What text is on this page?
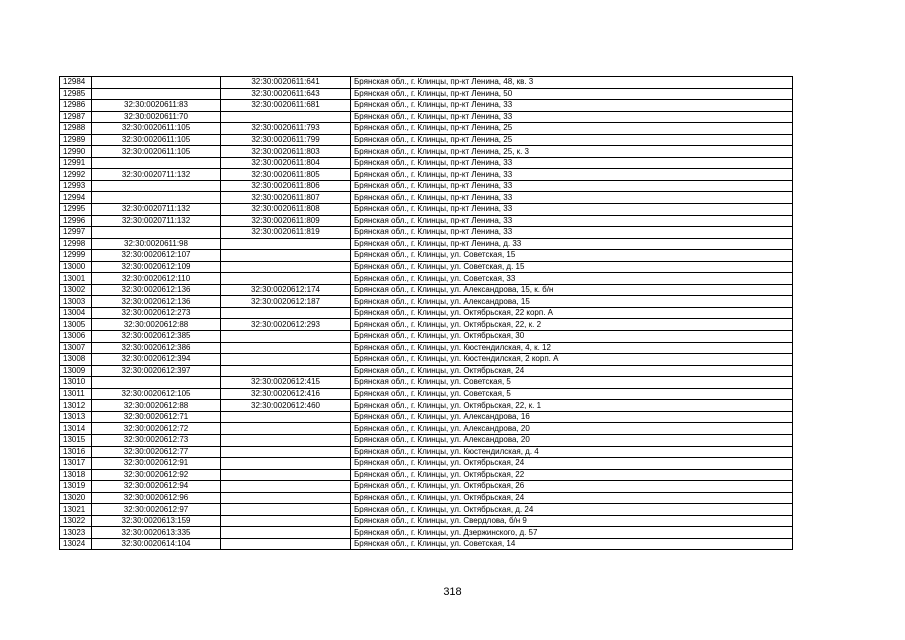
12984		32:30:0020611:641	Брянская обл., г. Клинцы, пр-кт Ленина, 48, кв. 3
12985		32:30:0020611:643	Брянская обл., г. Клинцы, пр-кт Ленина, 50
12986	32:30:0020611:83	32:30:0020611:681	Брянская обл., г. Клинцы, пр-кт Ленина, 33
12987	32:30:0020611:70		Брянская обл., г. Клинцы, пр-кт Ленина, 33
12988	32:30:0020611:105	32:30:0020611:793	Брянская обл., г. Клинцы, пр-кт Ленина, 25
12989	32:30:0020611:105	32:30:0020611:799	Брянская обл., г. Клинцы, пр-кт Ленина, 25
12990	32:30:0020611:105	32:30:0020611:803	Брянская обл., г. Клинцы, пр-кт Ленина, 25, к. 3
12991		32:30:0020611:804	Брянская обл., г. Клинцы, пр-кт Ленина, 33
12992	32:30:0020711:132	32:30:0020611:805	Брянская обл., г. Клинцы, пр-кт Ленина, 33
12993		32:30:0020611:806	Брянская обл., г. Клинцы, пр-кт Ленина, 33
12994		32:30:0020611:807	Брянская обл., г. Клинцы, пр-кт Ленина, 33
12995	32:30:0020711:132	32:30:0020611:808	Брянская обл., г. Клинцы, пр-кт Ленина, 33
12996	32:30:0020711:132	32:30:0020611:809	Брянская обл., г. Клинцы, пр-кт Ленина, 33
12997		32:30:0020611:819	Брянская обл., г. Клинцы, пр-кт Ленина, 33
12998	32:30:0020611:98		Брянская обл., г. Клинцы, пр-кт Ленина, д. 33
12999	32:30:0020612:107		Брянская обл., г. Клинцы, ул. Советская, 15
13000	32:30:0020612:109		Брянская обл., г. Клинцы, ул. Советская, д. 15
13001	32:30:0020612:110		Брянская обл., г. Клинцы, ул. Советская, 33
13002	32:30:0020612:136	32:30:0020612:174	Брянская обл., г. Клинцы, ул. Александрова, 15, к. б/н
13003	32:30:0020612:136	32:30:0020612:187	Брянская обл., г. Клинцы, ул. Александрова, 15
13004	32:30:0020612:273		Брянская обл., г. Клинцы, ул. Октябрьская, 22 корп. А
13005	32:30:0020612:88	32:30:0020612:293	Брянская обл., г. Клинцы, ул. Октябрьская, 22, к. 2
13006	32:30:0020612:385		Брянская обл., г. Клинцы, ул. Октябрьская, 30
13007	32:30:0020612:386		Брянская обл., г. Клинцы, ул. Кюстендилская, 4, к. 12
13008	32:30:0020612:394		Брянская обл., г. Клинцы, ул. Кюстендилская, 2 корп. А
13009	32:30:0020612:397		Брянская обл., г. Клинцы, ул. Октябрьская, 24
13010		32:30:0020612:415	Брянская обл., г. Клинцы, ул. Советская, 5
13011	32:30:0020612:105	32:30:0020612:416	Брянская обл., г. Клинцы, ул. Советская, 5
13012	32:30:0020612:88	32:30:0020612:460	Брянская обл., г. Клинцы, ул. Октябрьская, 22, к. 1
13013	32:30:0020612:71		Брянская обл., г. Клинцы, ул. Александрова, 16
13014	32:30:0020612:72		Брянская обл., г. Клинцы, ул. Александрова, 20
13015	32:30:0020612:73		Брянская обл., г. Клинцы, ул. Александрова, 20
13016	32:30:0020612:77		Брянская обл., г. Клинцы, ул. Кюстендилская, д. 4
13017	32:30:0020612:91		Брянская обл., г. Клинцы, ул. Октябрьская, 24
13018	32:30:0020612:92		Брянская обл., г. Клинцы, ул. Октябрьская, 22
13019	32:30:0020612:94		Брянская обл., г. Клинцы, ул. Октябрьская, 26
13020	32:30:0020612:96		Брянская обл., г. Клинцы, ул. Октябрьская, 24
13021	32:30:0020612:97		Брянская обл., г. Клинцы, ул. Октябрьская, д. 24
13022	32:30:0020613:159		Брянская обл., г. Клинцы, ул. Свердлова, б/н 9
13023	32:30:0020613:335		Брянская обл., г. Клинцы, ул. Дзержинского, д. 57
13024	32:30:0020614:104		Брянская обл., г. Клинцы, ул. Советская, 14
318
